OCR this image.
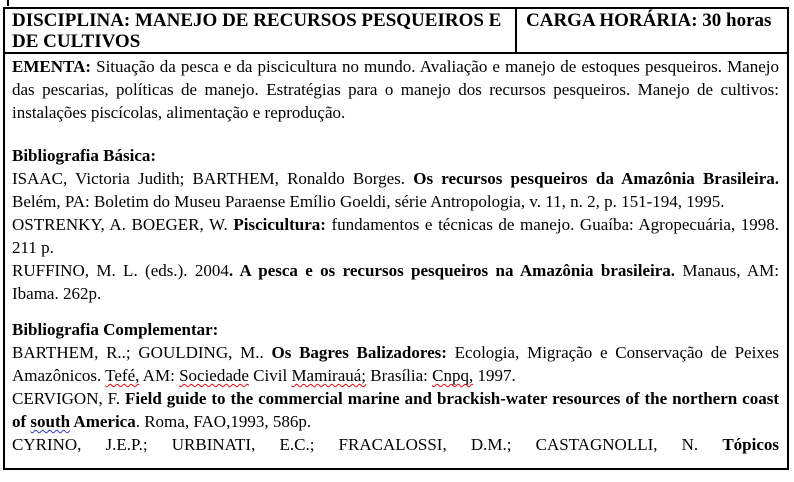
DISCIPLINA: MANEJO DE RECURSOS PESQUEIROS E DE CULTIVOS
CARGA HORÁRIA: 30 horas

EMENTA: Situação da pesca e da piscicultura no mundo. Avaliação e manejo de estoques pesqueiros. Manejo das pescarias, políticas de manejo. Estratégias para o manejo dos recursos pesqueiros. Manejo de cultivos: instalações piscícolas, alimentação e reprodução.

Bibliografia Básica:

ISAAC, Victoria Judith; BARTHEM, Ronaldo Borges. Os recursos pesqueiros da Amazônia Brasileira. Belém, PA: Boletim do Museu Paraense Emílio Goeldi, série Antropologia, v. 11, n. 2, p. 151-194, 1995.

OSTRENKY, A. BOEGER, W. Piscicultura: fundamentos e técnicas de manejo. Guaíba: Agropecuária, 1998. 211 p.

RUFFINO, M. L. (eds.). 2004. A pesca e os recursos pesqueiros na Amazônia brasileira. Manaus, AM: Ibama. 262p.

Bibliografia Complementar:

BARTHEM, R..; GOULDING, M.. Os Bagres Balizadores: Ecologia, Migração e Conservação de Peixes Amazônicos. Tefé, AM: Sociedade Civil Mamirauá; Brasília: Cnpq, 1997.

CERVIGON, F. Field guide to the commercial marine and brackish-water resources of the northern coast of south America. Roma, FAO,1993, 586p.

CYRINO, J.E.P.; URBINATI, E.C.; FRACALOSSI, D.M.; CASTAGNOLLI, N. Tópicos
